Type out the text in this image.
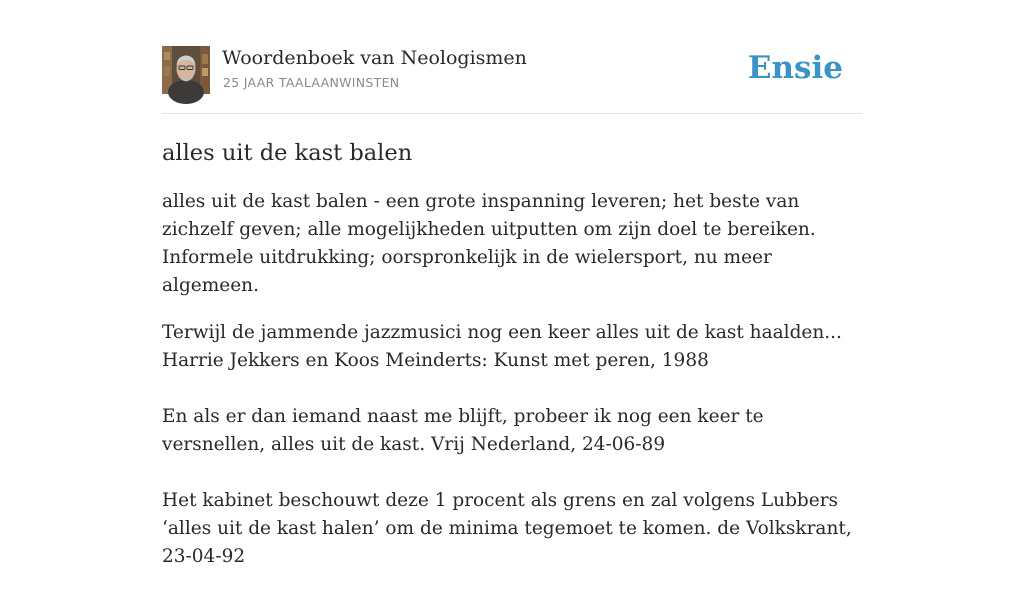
Woordenboek van Neologismen
25 JAAR TAALAANWINSTEN	Ensie
alles uit de kast balen

alles uit de kast balen - een grote inspanning leveren; het beste van zichzelf geven; alle mogelijkheden uitputten om zijn doel te bereiken. Informele uitdrukking; oorspronkelijk in de wielersport, nu meer algemeen.

Terwijl de jammende jazzmusici nog een keer alles uit de kast haalden... Harrie Jekkers en Koos Meinderts: Kunst met peren, 1988

En als er dan iemand naast me blijft, probeer ik nog een keer te versnellen, alles uit de kast. Vrij Nederland, 24-06-89

Het kabinet beschouwt deze 1 procent als grens en zal volgens Lubbers ‘alles uit de kast halen’ om de minima tegemoet te komen. de Volkskrant, 23-04-92
